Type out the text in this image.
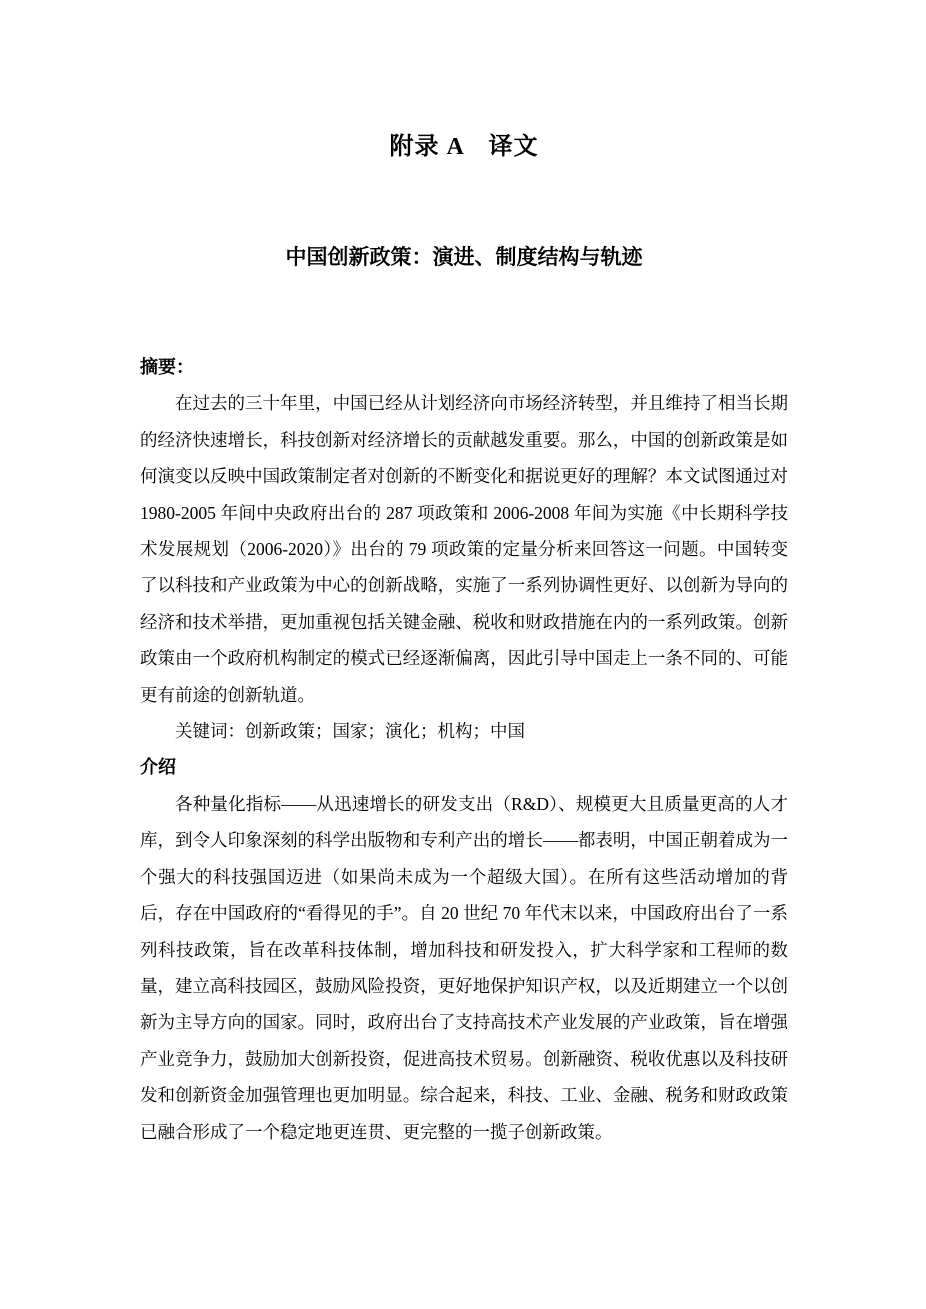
附录 A　译文
中国创新政策：演进、制度结构与轨迹
摘要：

在过去的三十年里，中国已经从计划经济向市场经济转型，并且维持了相当长期的经济快速增长，科技创新对经济增长的贡献越发重要。那么，中国的创新政策是如何演变以反映中国政策制定者对创新的不断变化和据说更好的理解？本文试图通过对 1980-2005 年间中央政府出台的 287 项政策和 2006-2008 年间为实施《中长期科学技术发展规划（2006-2020）》出台的 79 项政策的定量分析来回答这一问题。中国转变了以科技和产业政策为中心的创新战略，实施了一系列协调性更好、以创新为导向的经济和技术举措，更加重视包括关键金融、税收和财政措施在内的一系列政策。创新政策由一个政府机构制定的模式已经逐渐偏离，因此引导中国走上一条不同的、可能更有前途的创新轨道。

关键词：创新政策；国家；演化；机构；中国

介绍

各种量化指标——从迅速增长的研发支出（R&D）、规模更大且质量更高的人才库，到令人印象深刻的科学出版物和专利产出的增长——都表明，中国正朝着成为一个强大的科技强国迈进（如果尚未成为一个超级大国）。在所有这些活动增加的背后，存在中国政府的“看得见的手”。自 20 世纪 70 年代末以来，中国政府出台了一系列科技政策，旨在改革科技体制，增加科技和研发投入，扩大科学家和工程师的数量，建立高科技园区，鼓励风险投资，更好地保护知识产权，以及近期建立一个以创新为主导方向的国家。同时，政府出台了支持高技术产业发展的产业政策，旨在增强产业竞争力，鼓励加大创新投资，促进高技术贸易。创新融资、税收优惠以及科技研发和创新资金加强管理也更加明显。综合起来，科技、工业、金融、税务和财政政策已融合形成了一个稳定地更连贯、更完整的一揽子创新政策。
